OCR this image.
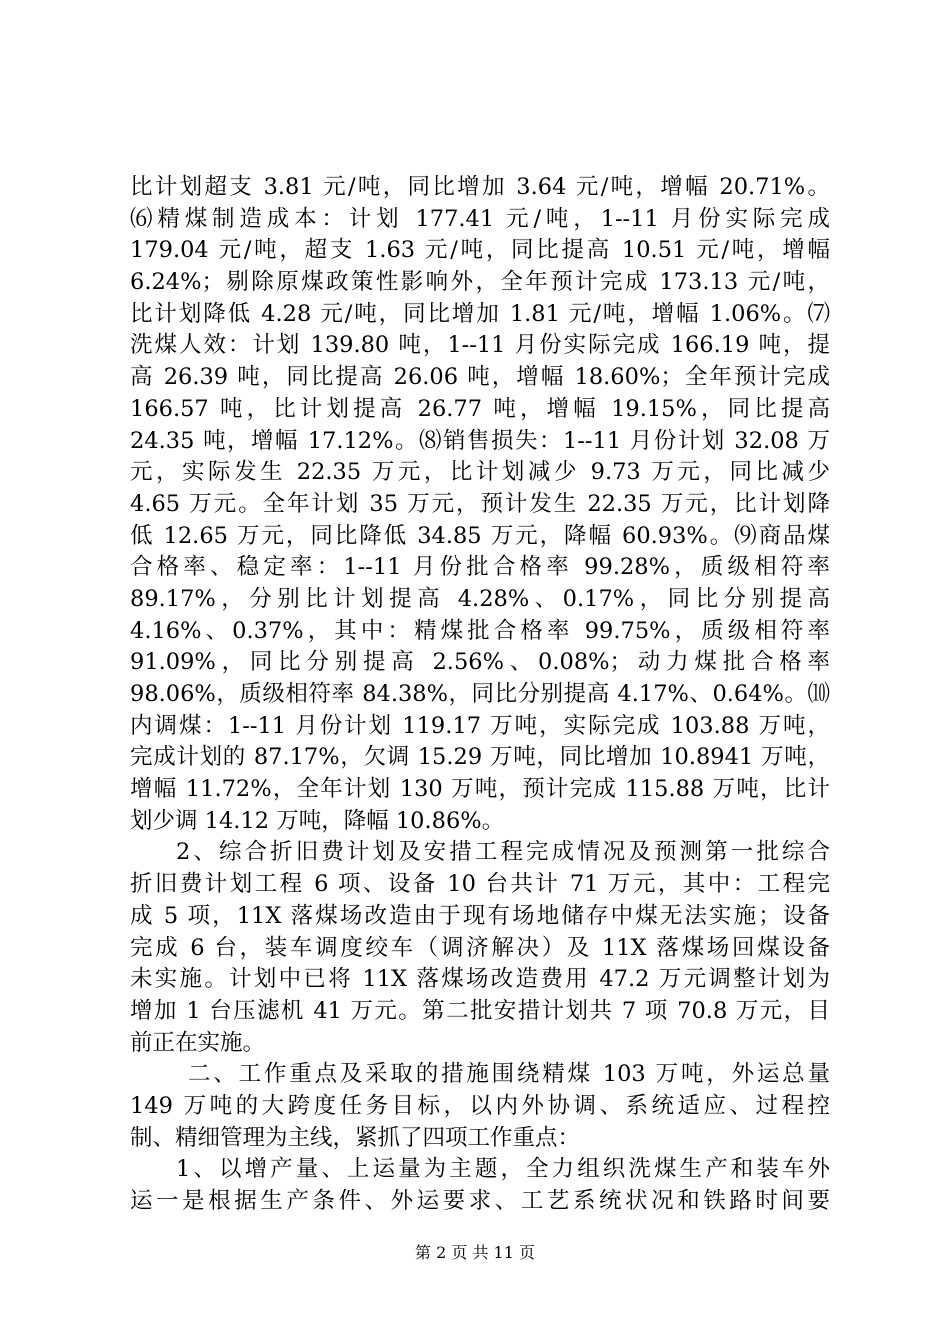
比计划超支 3.81 元/吨，同比增加 3.64 元/吨，增幅 20.71%。
⑹精煤制造成本：计划 177.41 元/吨，1--11 月份实际完成
179.04 元/吨，超支 1.63 元/吨，同比提高 10.51 元/吨，增幅
6.24%；剔除原煤政策性影响外，全年预计完成 173.13 元/吨，
比计划降低 4.28 元/吨，同比增加 1.81 元/吨，增幅 1.06%。⑺
洗煤人效：计划 139.80 吨，1--11 月份实际完成 166.19 吨，提
高 26.39 吨，同比提高 26.06 吨，增幅 18.60%；全年预计完成
166.57 吨，比计划提高 26.77 吨，增幅 19.15%，同比提高
24.35 吨，增幅 17.12%。⑻销售损失：1--11 月份计划 32.08 万
元，实际发生 22.35 万元，比计划减少 9.73 万元，同比减少
4.65 万元。全年计划 35 万元，预计发生 22.35 万元，比计划降
低 12.65 万元，同比降低 34.85 万元，降幅 60.93%。⑼商品煤
合格率、稳定率：1--11 月份批合格率 99.28%，质级相符率
89.17%，分别比计划提高 4.28%、0.17%，同比分别提高
4.16%、0.37%，其中：精煤批合格率 99.75%，质级相符率
91.09%，同比分别提高 2.56%、0.08%；动力煤批合格率
98.06%，质级相符率 84.38%，同比分别提高 4.17%、0.64%。⑽
内调煤：1--11 月份计划 119.17 万吨，实际完成 103.88 万吨，
完成计划的 87.17%，欠调 15.29 万吨，同比增加 10.8941 万吨，
增幅 11.72%，全年计划 130 万吨，预计完成 115.88 万吨，比计
划少调 14.12 万吨，降幅 10.86%。
2、综合折旧费计划及安措工程完成情况及预测第一批综合
折旧费计划工程 6 项、设备 10 台共计 71 万元，其中：工程完
成 5 项，11X 落煤场改造由于现有场地储存中煤无法实施；设备
完成 6 台，装车调度绞车（调济解决）及 11X 落煤场回煤设备
未实施。计划中已将 11X 落煤场改造费用 47.2 万元调整计划为
增加 1 台压滤机 41 万元。第二批安措计划共 7 项 70.8 万元，目
前正在实施。
二、工作重点及采取的措施围绕精煤 103 万吨，外运总量
149 万吨的大跨度任务目标，以内外协调、系统适应、过程控
制、精细管理为主线，紧抓了四项工作重点：
1、以增产量、上运量为主题，全力组织洗煤生产和装车外
运一是根据生产条件、外运要求、工艺系统状况和铁路时间要
第 2 页 共 11 页
